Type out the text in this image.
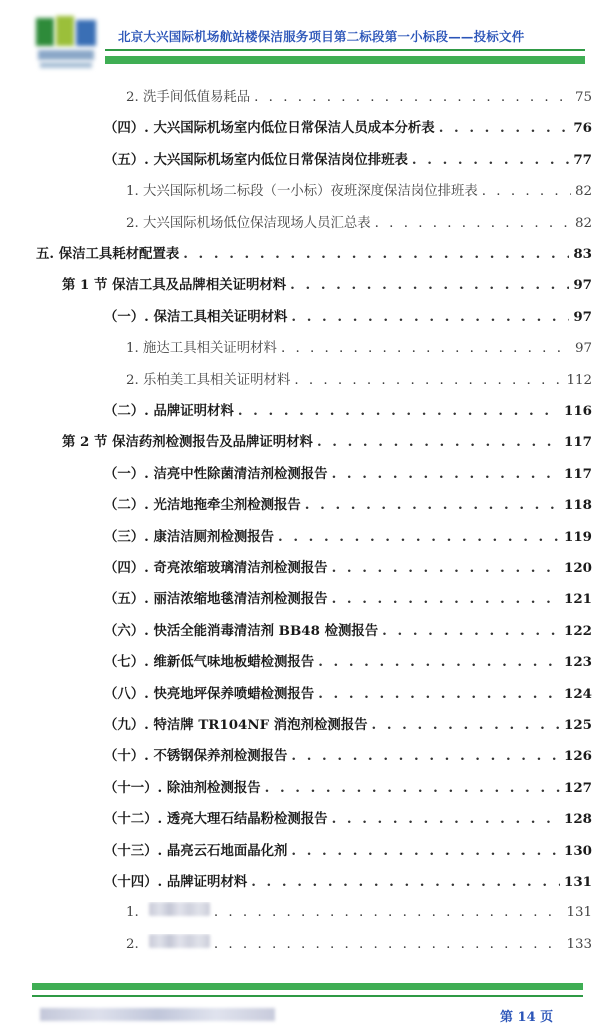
北京大兴国际机场航站楼保洁服务项目第二标段第一小标段——投标文件
2. 洗手间低值易耗品 . . .	75
（四）. 大兴国际机场室内低位日常保洁人员成本分析表 . . .	76
（五）. 大兴国际机场室内低位日常保洁岗位排班表 . . .	77
1. 大兴国际机场二标段（一小标）夜班深度保洁岗位排班表 . . .	82
2. 大兴国际机场低位保洁现场人员汇总表 . . .	82
五. 保洁工具耗材配置表 . . .	83
第 1 节 保洁工具及品牌相关证明材料 . . .	97
（一）. 保洁工具相关证明材料 . . .	97
1. 施达工具相关证明材料 . . .	97
2. 乐柏美工具相关证明材料 . . .	112
（二）. 品牌证明材料 . . .	116
第 2 节 保洁药剂检测报告及品牌证明材料 . . .	117
（一）. 洁亮中性除菌清洁剂检测报告 . . .	117
（二）. 光洁地拖牵尘剂检测报告 . . .	118
（三）. 康洁洁厕剂检测报告 . . .	119
（四）. 奇亮浓缩玻璃清洁剂检测报告 . . .	120
（五）. 丽洁浓缩地毯清洁剂检测报告 . . .	121
（六）. 快活全能消毒清洁剂 BB48 检测报告 . . .	122
（七）. 维新低气味地板蜡检测报告 . . .	123
（八）. 快亮地坪保养喷蜡检测报告 . . .	124
（九）. 特洁牌 TR104NF 消泡剂检测报告 . . .	125
（十）. 不锈钢保养剂检测报告 . . .	126
（十一）. 除油剂检测报告 . . .	127
（十二）. 透亮大理石结晶粉检测报告 . . .	128
（十三）. 晶亮云石地面晶化剂 . . .	130
（十四）. 品牌证明材料 . . .	131
1. . . .	131
2. . . .	133
第 14 页
